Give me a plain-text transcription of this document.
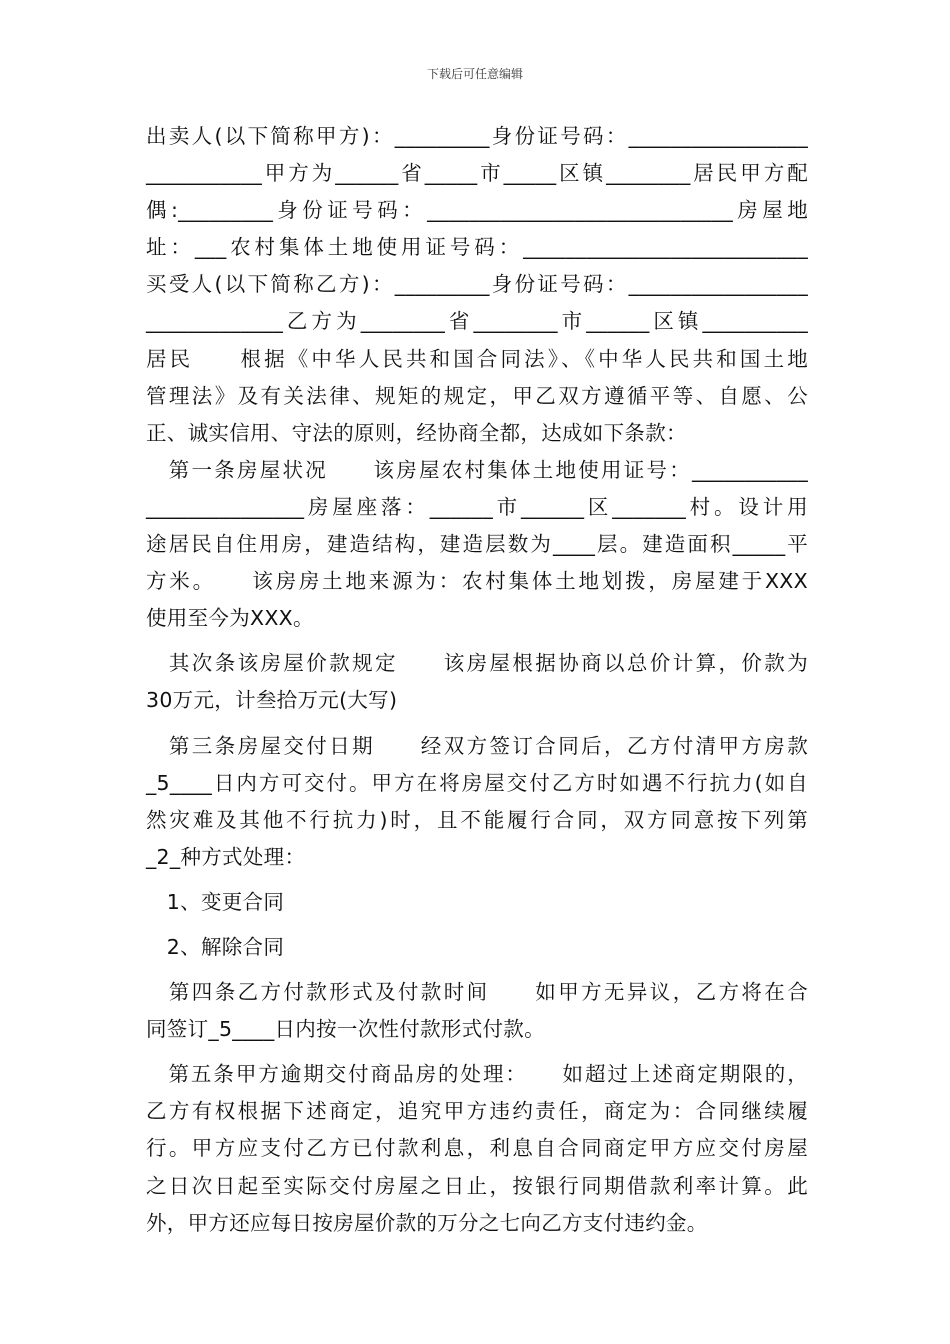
下载后可任意编辑
出卖人(以下简称甲方)：_________身份证号码：_________________
___________甲方为______省_____市_____区镇________居民甲方配
偶:_________身份证号码：_____________________________房屋地
址：___农村集体土地使用证号码：___________________________
买受人(以下简称乙方)：_________身份证号码：_________________
_____________乙方为________省________市______区镇__________
居民　　根据《中华人民共和国合同法》、《中华人民共和国土地
管理法》及有关法律、规矩的规定，甲乙双方遵循平等、自愿、公
正、诚实信用、守法的原则，经协商全都，达成如下条款：
　第一条房屋状况　　该房屋农村集体土地使用证号：___________
_______________房屋座落：______市______区_______村。设计用
途居民自住用房，建造结构，建造层数为____层。建造面积_____平
方米。　　该房房土地来源为：农村集体土地划拨，房屋建于XXX
使用至今为XXX。
　其次条该房屋价款规定　　该房屋根据协商以总价计算，价款为
30万元，计叁拾万元(大写)
　第三条房屋交付日期　　经双方签订合同后，乙方付清甲方房款
_5____日内方可交付。甲方在将房屋交付乙方时如遇不行抗力(如自
然灾难及其他不行抗力)时，且不能履行合同，双方同意按下列第
_2_种方式处理：
　1、变更合同
　2、解除合同
　第四条乙方付款形式及付款时间　　如甲方无异议，乙方将在合
同签订_5____日内按一次性付款形式付款。
　第五条甲方逾期交付商品房的处理：　　如超过上述商定期限的，
乙方有权根据下述商定，追究甲方违约责任，商定为：合同继续履
行。甲方应支付乙方已付款利息，利息自合同商定甲方应交付房屋
之日次日起至实际交付房屋之日止，按银行同期借款利率计算。此
外，甲方还应每日按房屋价款的万分之七向乙方支付违约金。
